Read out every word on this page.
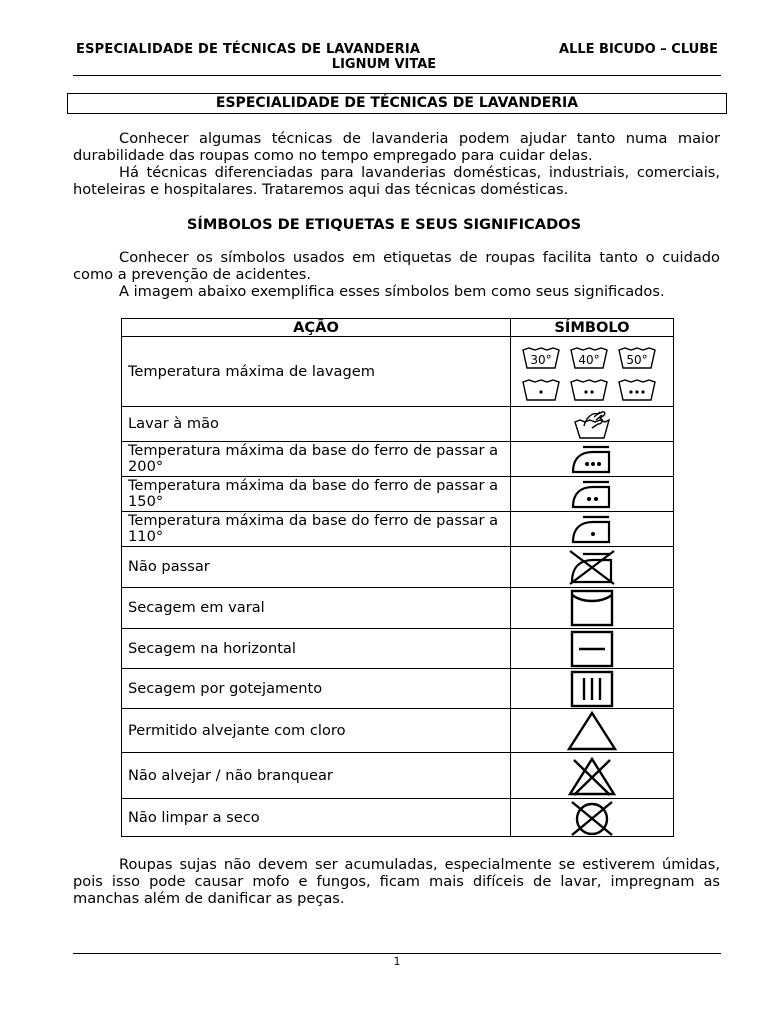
ESPECIALIDADE DE TÉCNICAS DE LAVANDERIA	ALLE BICUDO – CLUBE
LIGNUM VITAE
ESPECIALIDADE DE TÉCNICAS DE LAVANDERIA

Conhecer algumas técnicas de lavanderia podem ajudar tanto numa maior durabilidade das roupas como no tempo empregado para cuidar delas.

Há técnicas diferenciadas para lavanderias domésticas, industriais, comerciais, hoteleiras e hospitalares. Trataremos aqui das técnicas domésticas.

SÍMBOLOS DE ETIQUETAS E SEUS SIGNIFICADOS

Conhecer os símbolos usados em etiquetas de roupas facilita tanto o cuidado como a prevenção de acidentes.

A imagem abaixo exemplifica esses símbolos bem como seus significados.

AÇÃO	SÍMBOLO
Temperatura máxima de lavagem	30° 40° 50°

Lavar à mão	

Temperatura máxima da base do ferro de passar a 200°	

Temperatura máxima da base do ferro de passar a 150°	

Temperatura máxima da base do ferro de passar a 110°	

Não passar	

Secagem em varal	

Secagem na horizontal	

Secagem por gotejamento	

Permitido alvejante com cloro	

Não alvejar / não branquear	

Não limpar a seco	

Roupas sujas não devem ser acumuladas, especialmente se estiverem úmidas, pois isso pode causar mofo e fungos, ficam mais difíceis de lavar, impregnam as manchas além de danificar as peças.

1
